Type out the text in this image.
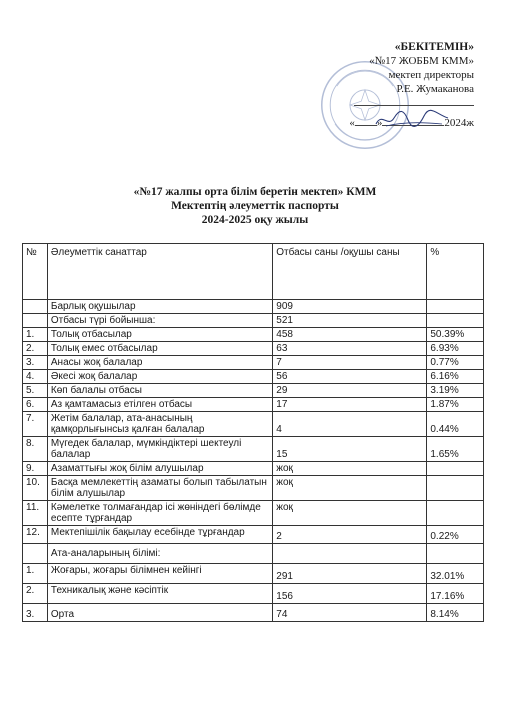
«БЕКІТЕМІН»
«№17 ЖОББМ КММ»
мектеп директоры
Р.Е. Жумаканова
« »	2024ж
«№17 жалпы орта білім беретін мектеп» КММ
Мектептің әлеуметтік паспорты
2024-2025 оқу жылы
№	Әлеуметтік санаттар	Отбасы саны /оқушы саны	%
	Барлық оқушылар	909	
	Отбасы түрі бойынша:	521	
1.	Толық отбасылар	458	50.39%
2.	Толық емес отбасылар	63	6.93%
3.	Анасы жоқ балалар	7	0.77%
4.	Әкесі жоқ балалар	56	6.16%
5.	Көп балалы отбасы	29	3.19%
6.	Аз қамтамасыз етілген отбасы	17	1.87%
7.	Жетім балалар, ата-анасының қамқорлығынсыз қалған балалар	4	0.44%
8.	Мүгедек балалар, мүмкіндіктері шектеулі балалар	15	1.65%
9.	Азаматтығы жоқ білім алушылар	жоқ	
10.	Басқа мемлекеттің азаматы болып табылатын білім алушылар	жоқ	
11.	Кәмелетке толмағандар ісі жөніндегі бөлімде есепте тұрғандар	жоқ	
12.	Мектепішілік бақылау есебінде тұрғандар	2	0.22%
	Ата-аналарының білімі:		
1.	Жоғары, жоғары білімнен кейінгі	291	32.01%
2.	Техникалық және кәсіптік	156	17.16%
3.	Орта	74	8.14%
